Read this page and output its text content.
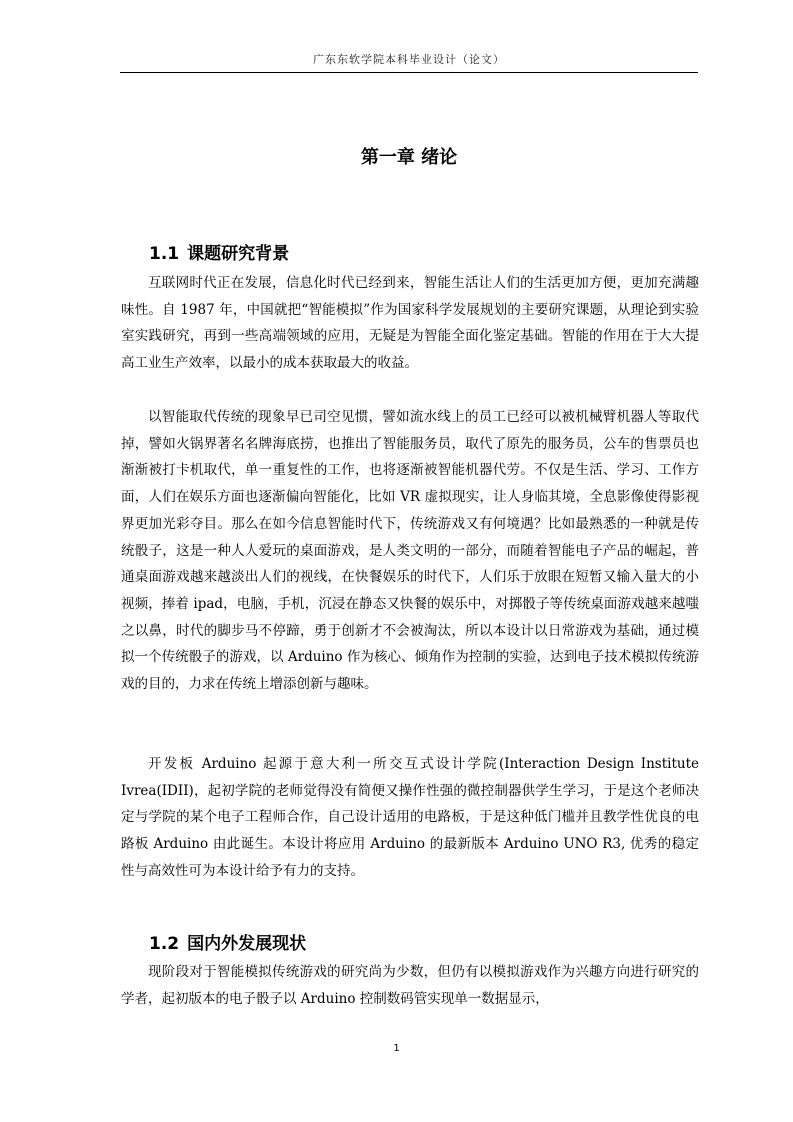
广东东软学院本科毕业设计（论文）
第一章 绪论
1.1 课题研究背景

互联网时代正在发展，信息化时代已经到来，智能生活让人们的生活更加方便，更加充满趣味性。自 1987 年，中国就把“智能模拟”作为国家科学发展规划的主要研究课题，从理论到实验室实践研究，再到一些高端领域的应用，无疑是为智能全面化鉴定基础。智能的作用在于大大提高工业生产效率，以最小的成本获取最大的收益。

以智能取代传统的现象早已司空见惯，譬如流水线上的员工已经可以被机械臂机器人等取代掉，譬如火锅界著名名牌海底捞，也推出了智能服务员，取代了原先的服务员，公车的售票员也渐渐被打卡机取代，单一重复性的工作，也将逐渐被智能机器代劳。不仅是生活、学习、工作方面，人们在娱乐方面也逐渐偏向智能化，比如 VR 虚拟现实，让人身临其境，全息影像使得影视界更加光彩夺目。那么在如今信息智能时代下，传统游戏又有何境遇？比如最熟悉的一种就是传统骰子，这是一种人人爱玩的桌面游戏，是人类文明的一部分，而随着智能电子产品的崛起，普通桌面游戏越来越淡出人们的视线，在快餐娱乐的时代下，人们乐于放眼在短暂又输入量大的小视频，捧着 ipad，电脑，手机，沉浸在静态又快餐的娱乐中，对掷骰子等传统桌面游戏越来越嗤之以鼻，时代的脚步马不停蹄，勇于创新才不会被淘汰，所以本设计以日常游戏为基础，通过模拟一个传统骰子的游戏，以 Arduino 作为核心、倾角作为控制的实验，达到电子技术模拟传统游戏的目的，力求在传统上增添创新与趣味。

开发板 Arduino 起源于意大利一所交互式设计学院(Interaction Design Institute Ivrea(IDII)，起初学院的老师觉得没有简便又操作性强的微控制器供学生学习，于是这个老师决定与学院的某个电子工程师合作，自己设计适用的电路板，于是这种低门槛并且教学性优良的电路板 Arduino 由此诞生。本设计将应用 Arduino 的最新版本 Arduino UNO R3, 优秀的稳定性与高效性可为本设计给予有力的支持。

1.2 国内外发展现状

现阶段对于智能模拟传统游戏的研究尚为少数，但仍有以模拟游戏作为兴趣方向进行研究的学者，起初版本的电子骰子以 Arduino 控制数码管实现单一数据显示，

1
